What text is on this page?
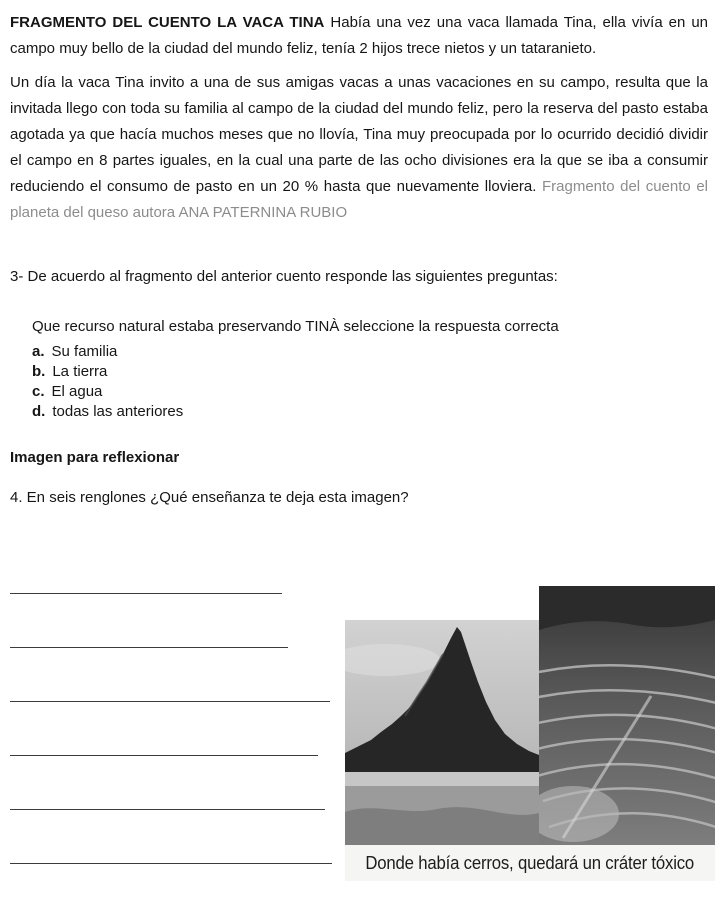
FRAGMENTO DEL CUENTO LA VACA TINA Había una vez una vaca llamada Tina, ella vivía en un campo muy bello de la ciudad del mundo feliz, tenía 2 hijos trece nietos y un tataranieto.

Un día la vaca Tina invito a una de sus amigas vacas a unas vacaciones en su campo, resulta que la invitada llego con toda su familia al campo de la ciudad del mundo feliz, pero la reserva del pasto estaba agotada ya que hacía muchos meses que no llovía, Tina muy preocupada por lo ocurrido decidió dividir el campo en 8 partes iguales, en la cual una parte de las ocho divisiones era la que se iba a consumir reduciendo el consumo de pasto en un 20 % hasta que nuevamente lloviera. Fragmento del cuento el planeta del queso autora ANA PATERNINA RUBIO

3- De acuerdo al fragmento del anterior cuento responde las siguientes preguntas:

Que recurso natural estaba preservando TINÀ seleccione la respuesta correcta

a. Su familia

b. La tierra

c. El agua

d. todas las anteriores

Imagen para reflexionar

4. En seis renglones ¿Qué enseñanza te deja esta imagen?

Donde había cerros, quedará un cráter tóxico
